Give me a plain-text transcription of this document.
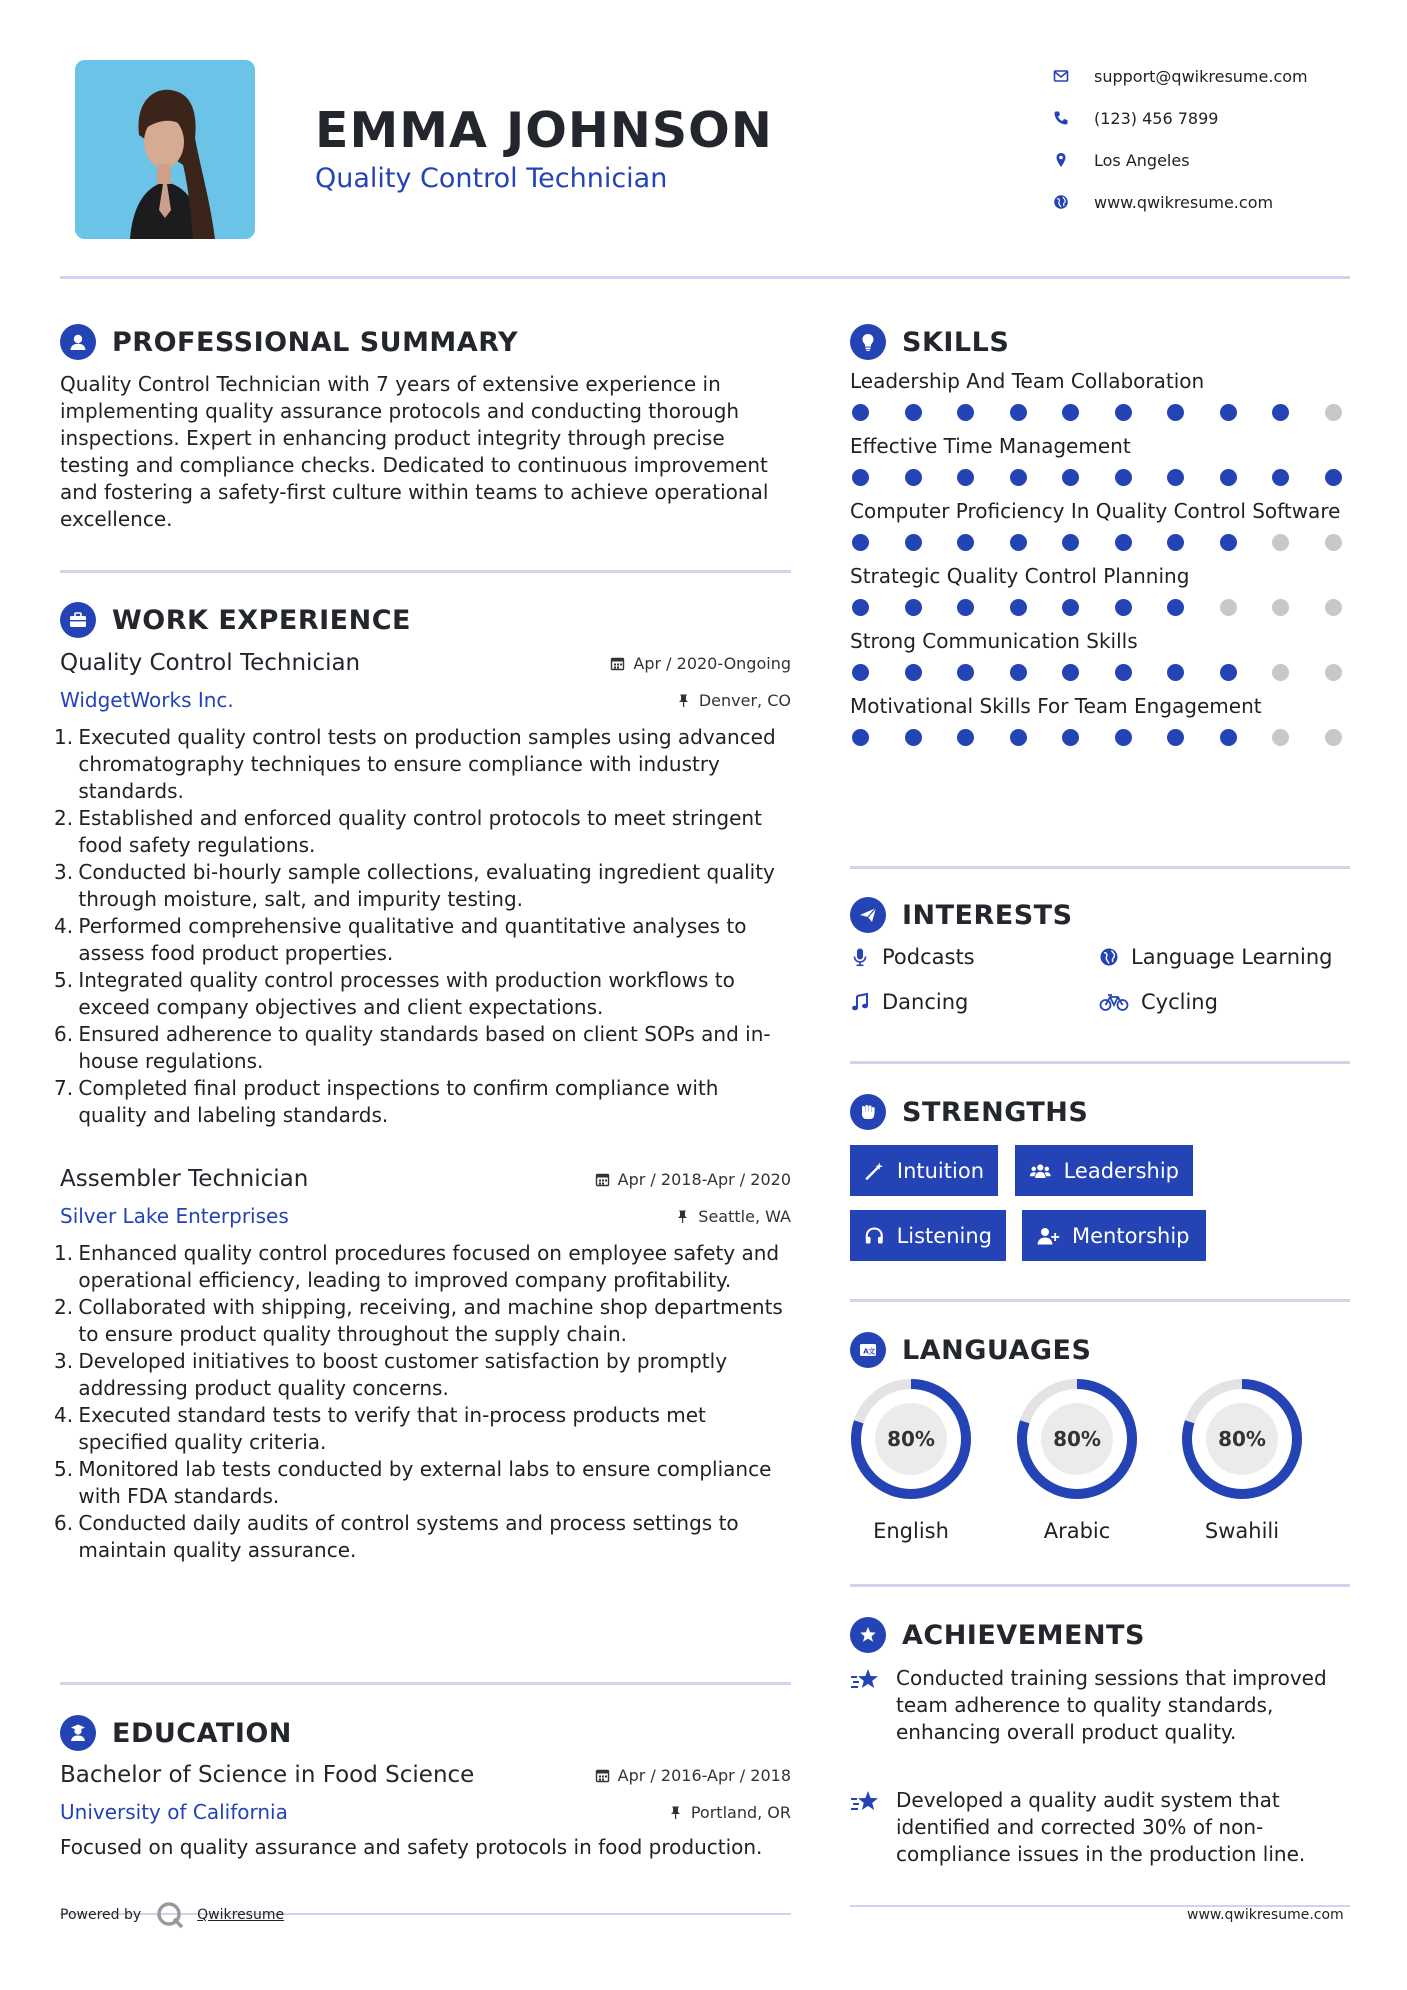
EMMA JOHNSON
Quality Control Technician
support@qwikresume.com
(123) 456 7899
Los Angeles
www.qwikresume.com
PROFESSIONAL SUMMARY
Quality Control Technician with 7 years of extensive experience in implementing quality assurance protocols and conducting thorough inspections. Expert in enhancing product integrity through precise testing and compliance checks. Dedicated to continuous improvement and fostering a safety-first culture within teams to achieve operational excellence.
WORK EXPERIENCE
Quality Control Technician	Apr / 2020-Ongoing
WidgetWorks Inc.	Denver, CO
1.
Executed quality control tests on production samples using advanced chromatography techniques to ensure compliance with industry standards.
2.
Established and enforced quality control protocols to meet stringent food safety regulations.
3.
Conducted bi-hourly sample collections, evaluating ingredient quality through moisture, salt, and impurity testing.
4.
Performed comprehensive qualitative and quantitative analyses to assess food product properties.
5.
Integrated quality control processes with production workflows to exceed company objectives and client expectations.
6.
Ensured adherence to quality standards based on client SOPs and in-house regulations.
7.
Completed final product inspections to confirm compliance with quality and labeling standards.
Assembler Technician	Apr / 2018-Apr / 2020
Silver Lake Enterprises	Seattle, WA
1.
Enhanced quality control procedures focused on employee safety and operational efficiency, leading to improved company profitability.
2.
Collaborated with shipping, receiving, and machine shop departments to ensure product quality throughout the supply chain.
3.
Developed initiatives to boost customer satisfaction by promptly addressing product quality concerns.
4.
Executed standard tests to verify that in-process products met specified quality criteria.
5.
Monitored lab tests conducted by external labs to ensure compliance with FDA standards.
6.
Conducted daily audits of control systems and process settings to maintain quality assurance.
EDUCATION
Bachelor of Science in Food Science	Apr / 2016-Apr / 2018
University of California	Portland, OR
Focused on quality assurance and safety protocols in food production.
SKILLS
Leadership And Team Collaboration
Effective Time Management
Computer Proficiency In Quality Control Software
Strategic Quality Control Planning
Strong Communication Skills
Motivational Skills For Team Engagement
INTERESTS
Podcasts	Language Learning
Dancing	Cycling
STRENGTHS
Intuition	Leadership
Listening	Mentorship
A 文 LANGUAGES
80%
English
80%
Arabic
80%
Swahili
ACHIEVEMENTS
Conducted training sessions that improved team adherence to quality standards, enhancing overall product quality.
Developed a quality audit system that identified and corrected 30% of non-compliance issues in the production line.
Powered by	Qwikresume	www.qwikresume.com
